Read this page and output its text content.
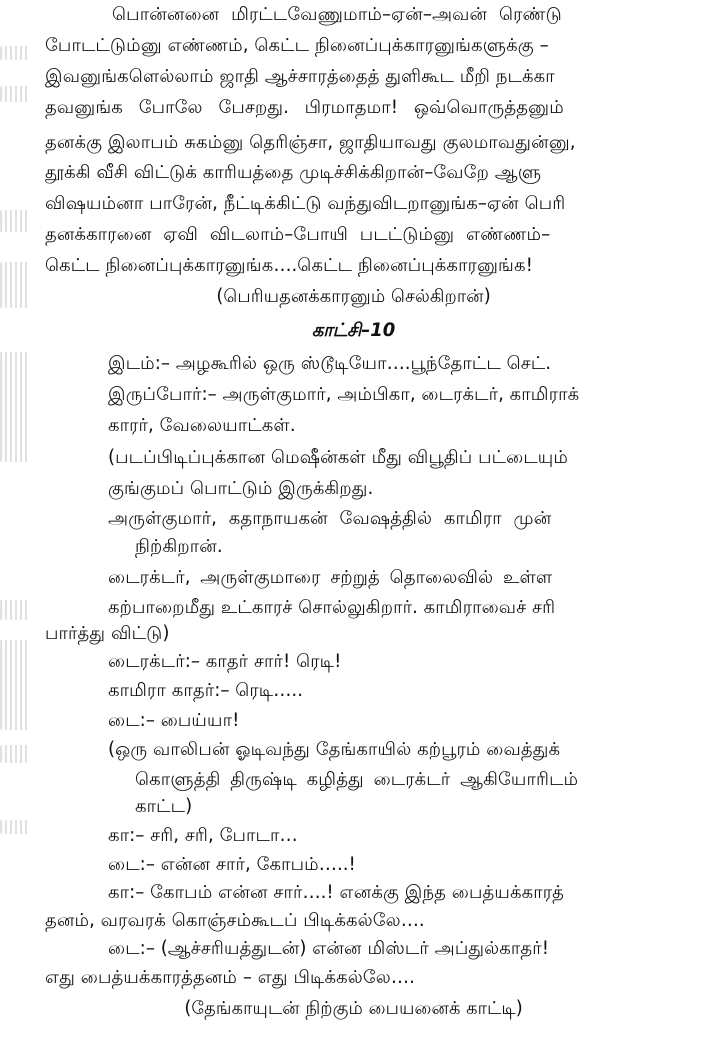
பொன்னனை மிரட்டவேணுமாம்–ஏன்–அவன் ரெண்டு
போடட்டும்னு எண்ணம், கெட்ட நினைப்புக்காரனுங்களுக்கு –
இவனுங்களெல்லாம் ஜாதி ஆச்சாரத்தைத் துளிகூட மீறி நடக்கா
தவனுங்க போலே பேசறது. பிரமாதமா! ஒவ்வொருத்தனும்
தனக்கு இலாபம் சுகம்னு தெரிஞ்சா, ஜாதியாவது குலமாவதுன்னு,
தூக்கி வீசி விட்டுக் காரியத்தை முடிச்சிக்கிறான்–வேறே ஆளு
விஷயம்னா பாரேன், நீட்டிக்கிட்டு வந்துவிடறானுங்க–ஏன் பெரி
தனக்காரனை ஏவி விடலாம்–போயி படட்டும்னு எண்ணம்–
கெட்ட நினைப்புக்காரனுங்க….கெட்ட நினைப்புக்காரனுங்க!
(பெரியதனக்காரனும் செல்கிறான்)
காட்சி–10
இடம்:– அழகூரில் ஒரு ஸ்டூடியோ….பூந்தோட்ட செட்.
இருப்போர்:– அருள்குமார், அம்பிகா, டைரக்டர், காமிராக்
காரர், வேலையாட்கள்.
(படப்பிடிப்புக்கான மெஷீன்கள் மீது விபூதிப் பட்டையும்
குங்குமப் பொட்டும் இருக்கிறது.
அருள்குமார், கதாநாயகன் வேஷத்தில் காமிரா முன்
நிற்கிறான்.
டைரக்டர், அருள்குமாரை சற்றுத் தொலைவில் உள்ள
கற்பாறைமீது உட்காரச் சொல்லுகிறார். காமிராவைச் சரி
பார்த்து விட்டு)
டைரக்டர்:– காதர் சார்! ரெடி!
காமிரா காதர்:– ரெடி…..
டை:– பைய்யா!
(ஒரு வாலிபன் ஓடிவந்து தேங்காயில் கற்பூரம் வைத்துக்
கொளுத்தி திருஷ்டி கழித்து டைரக்டர் ஆகியோரிடம்
காட்ட)
கா:– சரி, சரி, போடா…
டை:– என்ன சார், கோபம்…..!
கா:– கோபம் என்ன சார்….! எனக்கு இந்த பைத்யக்காரத்
தனம், வரவரக் கொஞ்சம்கூடப் பிடிக்கல்லே….
டை:– (ஆச்சரியத்துடன்) என்ன மிஸ்டர் அப்துல்காதர்!
எது பைத்யக்காரத்தனம் – எது பிடிக்கல்லே….
(தேங்காயுடன் நிற்கும் பையனைக் காட்டி)
